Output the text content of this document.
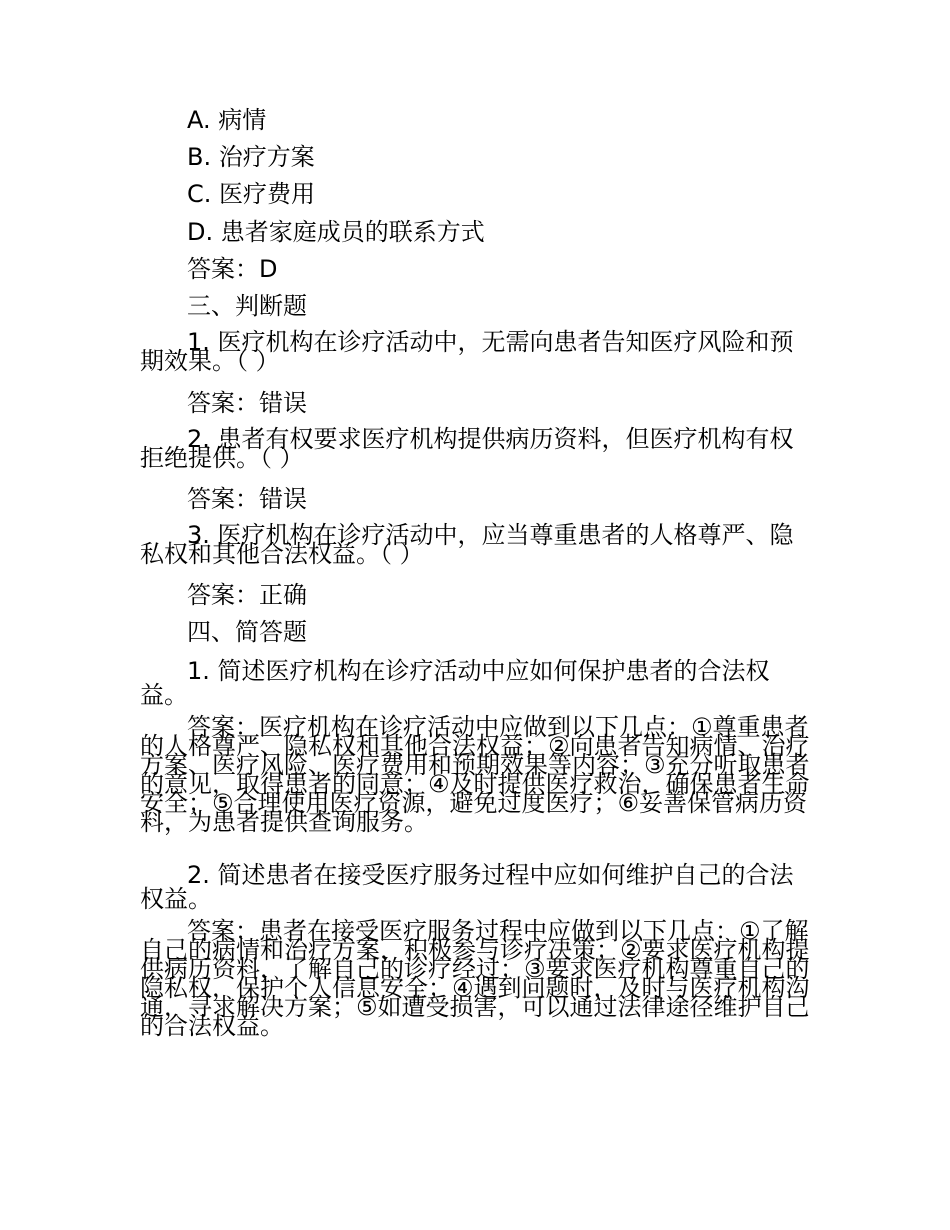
A. 病情
B. 治疗方案
C. 医疗费用
D. 患者家庭成员的联系方式
答案：D
三、判断题
1. 医疗机构在诊疗活动中，无需向患者告知医疗风险和预期效果。（ ）
答案：错误
2. 患者有权要求医疗机构提供病历资料，但医疗机构有权拒绝提供。（ ）
答案：错误
3. 医疗机构在诊疗活动中，应当尊重患者的人格尊严、隐私权和其他合法权益。（ ）
答案：正确
四、简答题
1. 简述医疗机构在诊疗活动中应如何保护患者的合法权益。
答案：医疗机构在诊疗活动中应做到以下几点：①尊重患者的人格尊严、隐私权和其他合法权益；②向患者告知病情、治疗方案、医疗风险、医疗费用和预期效果等内容；③充分听取患者的意见，取得患者的同意；④及时提供医疗救治，确保患者生命安全；⑤合理使用医疗资源，避免过度医疗；⑥妥善保管病历资料，为患者提供查询服务。
2. 简述患者在接受医疗服务过程中应如何维护自己的合法权益。
答案：患者在接受医疗服务过程中应做到以下几点：①了解自己的病情和治疗方案，积极参与诊疗决策；②要求医疗机构提供病历资料，了解自己的诊疗经过；③要求医疗机构尊重自己的隐私权，保护个人信息安全；④遇到问题时，及时与医疗机构沟通，寻求解决方案；⑤如遭受损害，可以通过法律途径维护自己的合法权益。
